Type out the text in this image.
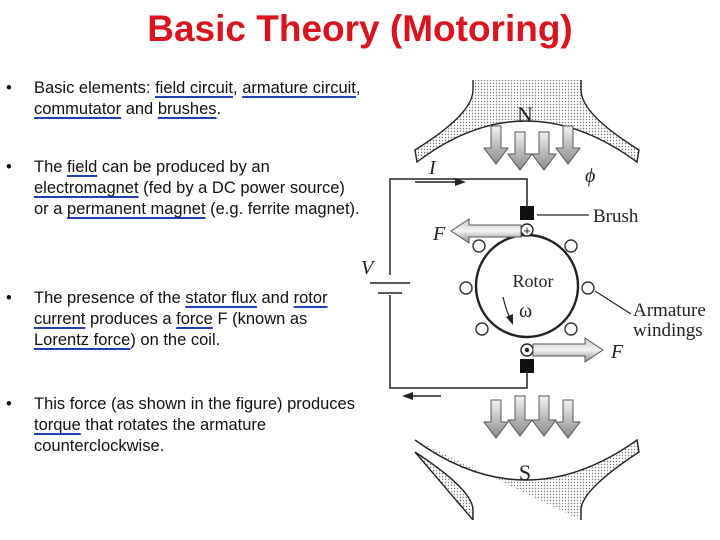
Basic Theory (Motoring)
•	Basic elements: field circuit, armature circuit, commutator and brushes.
•	The field can be produced by an electromagnet (fed by a DC power source) or a permanent magnet (e.g. ferrite magnet).
•	The presence of the stator flux and rotor current produces a force F (known as Lorentz force) on the coil.
•	This force (as shown in the figure) produces torque that rotates the armature counterclockwise.
N
S
ϕ
V
I
Rotor
ω
+
Brush
F
F
Armature
windings
